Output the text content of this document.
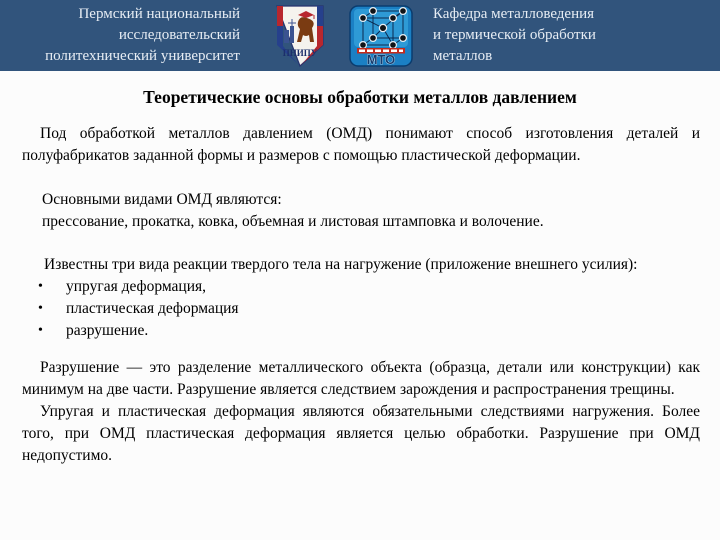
Пермский национальный
исследовательский
политехнический университет	ПНИПУ	МТО
Кафедра металловедения
и термической обработки
металлов
Теоретические основы обработки металлов давлением

Под обработкой металлов давлением (ОМД) понимают способ изготовления деталей и полуфабрикатов заданной формы и размеров с помощью пластической деформации.

Основными видами ОМД являются:
прессование, прокатка, ковка, объемная и листовая штамповка и волочение.

Известны три вида реакции твердого тела на нагружение (приложение внешнего усилия):

• упругая деформация,
• пластическая деформация
• разрушение.

Разрушение — это разделение металлического объекта (образца, детали или конструкции) как минимум на две части. Разрушение является следствием зарождения и распространения трещины.

Упругая и пластическая деформация являются обязательными следствиями нагружения. Более того, при ОМД пластическая деформация является целью обработки. Разрушение при ОМД недопустимо.
